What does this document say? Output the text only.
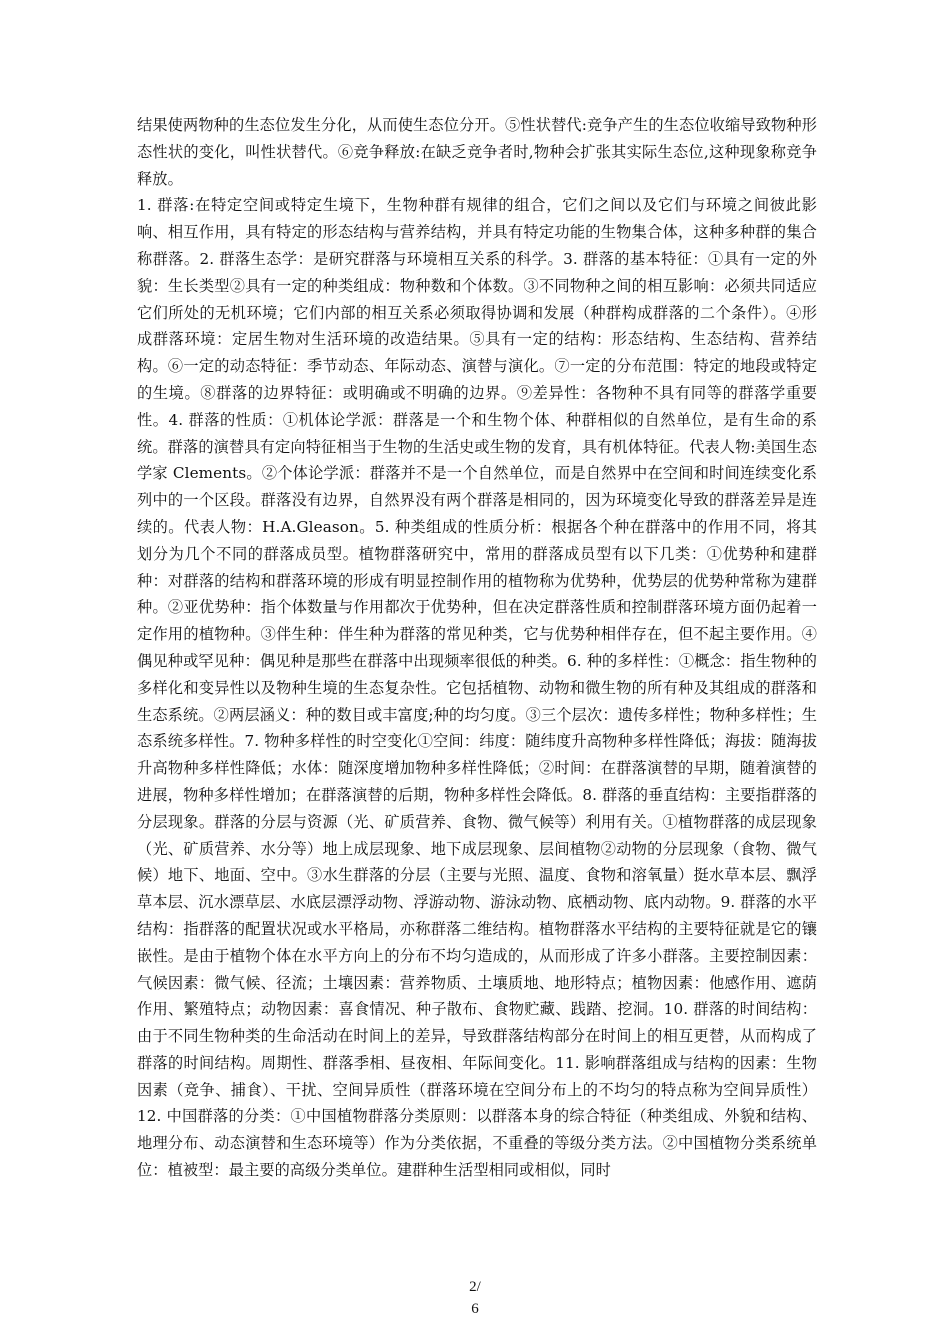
结果使两物种的生态位发生分化，从而使生态位分开。⑤性状替代:竞争产生的生态位收缩导致物种形态性状的变化，叫性状替代。⑥竞争释放:在缺乏竞争者时,物种会扩张其实际生态位,这种现象称竞争释放。

1. 群落:在特定空间或特定生境下，生物种群有规律的组合，它们之间以及它们与环境之间彼此影响、相互作用，具有特定的形态结构与营养结构，并具有特定功能的生物集合体，这种多种群的集合称群落。2. 群落生态学：是研究群落与环境相互关系的科学。3. 群落的基本特征：①具有一定的外貌：生长类型②具有一定的种类组成：物种数和个体数。③不同物种之间的相互影响：必须共同适应它们所处的无机环境；它们内部的相互关系必须取得协调和发展（种群构成群落的二个条件）。④形成群落环境：定居生物对生活环境的改造结果。⑤具有一定的结构：形态结构、生态结构、营养结构。⑥一定的动态特征：季节动态、年际动态、演替与演化。⑦一定的分布范围：特定的地段或特定的生境。⑧群落的边界特征：或明确或不明确的边界。⑨差异性：各物种不具有同等的群落学重要性。4. 群落的性质：①机体论学派：群落是一个和生物个体、种群相似的自然单位，是有生命的系统。群落的演替具有定向特征相当于生物的生活史或生物的发育，具有机体特征。代表人物:美国生态学家 Clements。②个体论学派：群落并不是一个自然单位，而是自然界中在空间和时间连续变化系列中的一个区段。群落没有边界，自然界没有两个群落是相同的，因为环境变化导致的群落差异是连续的。代表人物：H.A.Gleason。5. 种类组成的性质分析：根据各个种在群落中的作用不同，将其划分为几个不同的群落成员型。植物群落研究中，常用的群落成员型有以下几类：①优势种和建群种：对群落的结构和群落环境的形成有明显控制作用的植物称为优势种，优势层的优势种常称为建群种。②亚优势种：指个体数量与作用都次于优势种，但在决定群落性质和控制群落环境方面仍起着一定作用的植物种。③伴生种：伴生种为群落的常见种类，它与优势种相伴存在，但不起主要作用。④偶见种或罕见种：偶见种是那些在群落中出现频率很低的种类。6. 种的多样性：①概念：指生物种的多样化和变异性以及物种生境的生态复杂性。它包括植物、动物和微生物的所有种及其组成的群落和生态系统。②两层涵义：种的数目或丰富度;种的均匀度。③三个层次：遗传多样性；物种多样性；生态系统多样性。7. 物种多样性的时空变化①空间：纬度：随纬度升高物种多样性降低；海拔：随海拔升高物种多样性降低；水体：随深度增加物种多样性降低；②时间：在群落演替的早期，随着演替的进展，物种多样性增加；在群落演替的后期，物种多样性会降低。8. 群落的垂直结构：主要指群落的分层现象。群落的分层与资源（光、矿质营养、食物、微气候等）利用有关。①植物群落的成层现象（光、矿质营养、水分等）地上成层现象、地下成层现象、层间植物②动物的分层现象（食物、微气候）地下、地面、空中。③水生群落的分层（主要与光照、温度、食物和溶氧量）挺水草本层、飘浮草本层、沉水漂草层、水底层漂浮动物、浮游动物、游泳动物、底栖动物、底内动物。9. 群落的水平结构：指群落的配置状况或水平格局，亦称群落二维结构。植物群落水平结构的主要特征就是它的镶嵌性。是由于植物个体在水平方向上的分布不均匀造成的，从而形成了许多小群落。主要控制因素：气候因素：微气候、径流；土壤因素：营养物质、土壤质地、地形特点；植物因素：他感作用、遮荫作用、繁殖特点；动物因素：喜食情况、种子散布、食物贮藏、践踏、挖洞。10. 群落的时间结构：由于不同生物种类的生命活动在时间上的差异，导致群落结构部分在时间上的相互更替，从而构成了群落的时间结构。周期性、群落季相、昼夜相、年际间变化。11. 影响群落组成与结构的因素：生物因素（竞争、捕食）、干扰、空间异质性（群落环境在空间分布上的不均匀的特点称为空间异质性）12. 中国群落的分类：①中国植物群落分类原则：以群落本身的综合特征（种类组成、外貌和结构、地理分布、动态演替和生态环境等）作为分类依据，不重叠的等级分类方法。②中国植物分类系统单位：植被型：最主要的高级分类单位。建群种生活型相同或相似，同时

2/
6
